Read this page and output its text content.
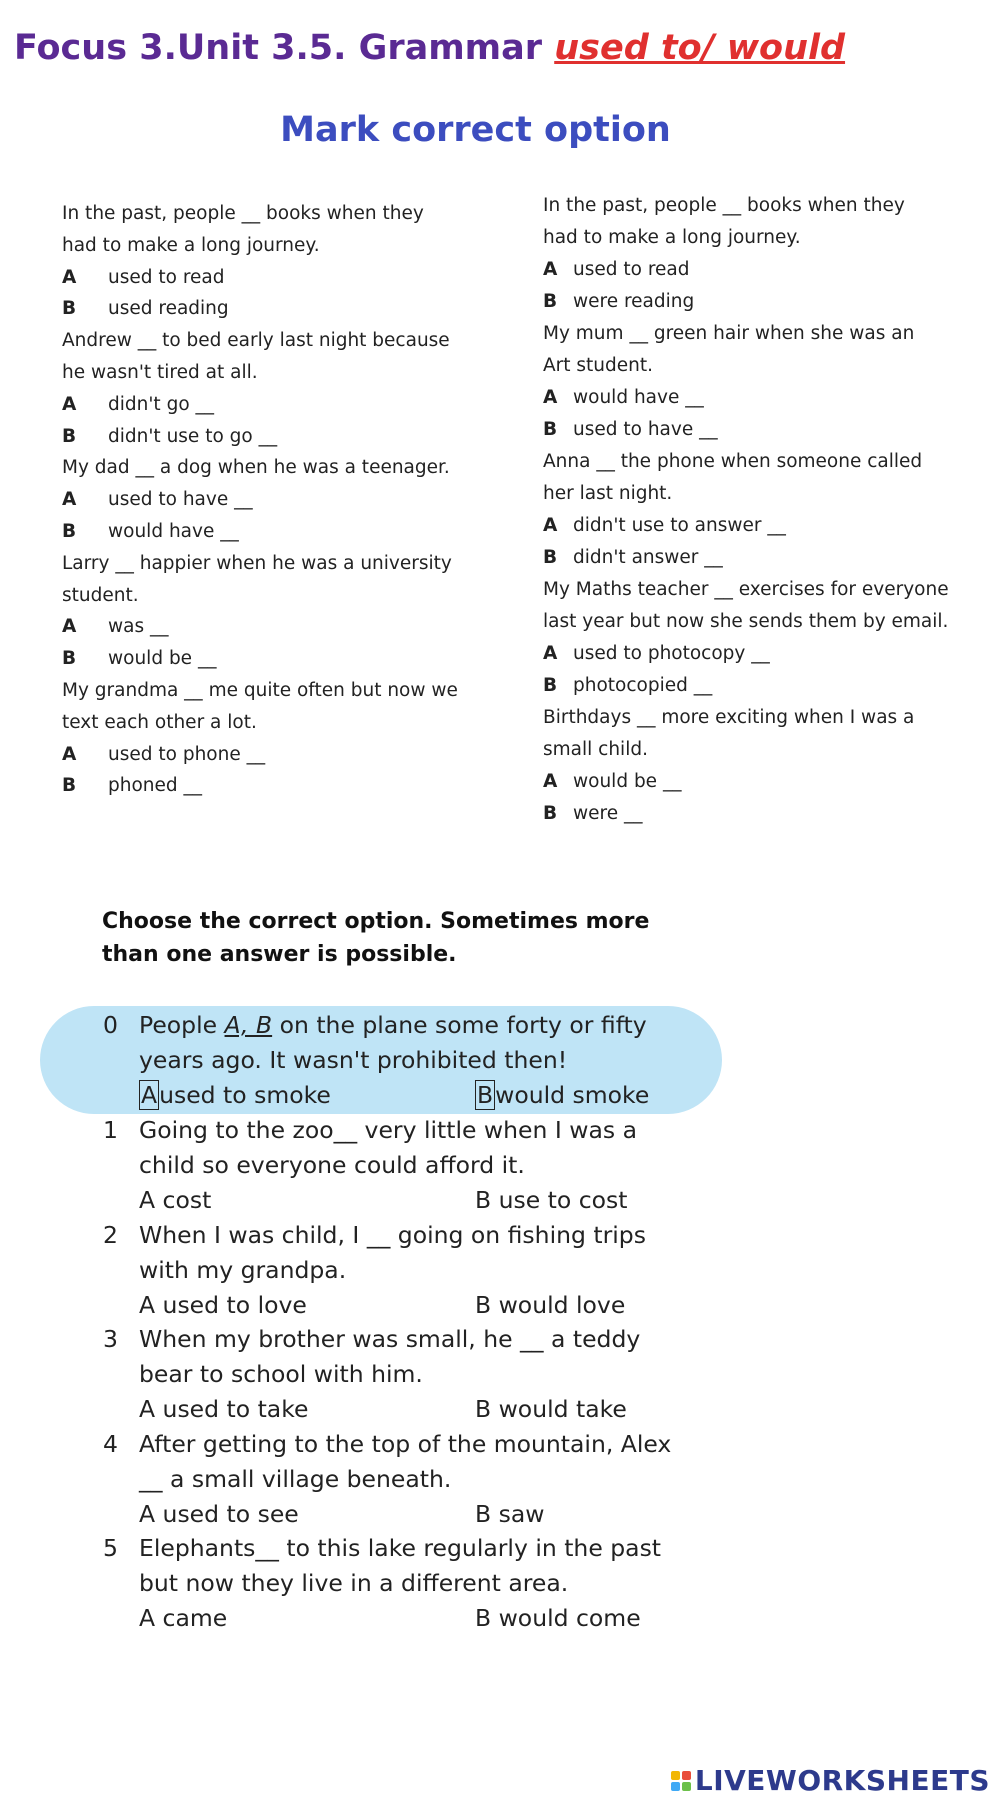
Focus 3.Unit 3.5. Grammar used to/ would
Mark correct option
In the past, people __ books when they
had to make a long journey.
A used to read
B used reading
Andrew __ to bed early last night because
he wasn't tired at all.
A didn't go __
B didn't use to go __
My dad __ a dog when he was a teenager.
A used to have __
B would have __
Larry __ happier when he was a university
student.
A was __
B would be __
My grandma __ me quite often but now we
text each other a lot.
A used to phone __
B phoned __
In the past, people __ books when they
had to make a long journey.
A used to read
B were reading
My mum __ green hair when she was an
Art student.
A would have __
B used to have __
Anna __ the phone when someone called
her last night.
A didn't use to answer __
B didn't answer __
My Maths teacher __ exercises for everyone
last year but now she sends them by email.
A used to photocopy __
B photocopied __
Birthdays __ more exciting when I was a
small child.
A would be __
B were __
Choose the correct option. Sometimes more than one answer is possible.
0 People A, B on the plane some forty or fifty
years ago. It wasn't prohibited then!
Aused to smoke	Bwould smoke
1 Going to the zoo__ very little when I was a
child so everyone could afford it.
A cost	B use to cost
2 When I was child, I __ going on fishing trips
with my grandpa.
A used to love	B would love
3 When my brother was small, he __ a teddy
bear to school with him.
A used to take	B would take
4 After getting to the top of the mountain, Alex
__ a small village beneath.
A used to see	B saw
5 Elephants__ to this lake regularly in the past
but now they live in a different area.
A came	B would come
LIVEWORKSHEETS
